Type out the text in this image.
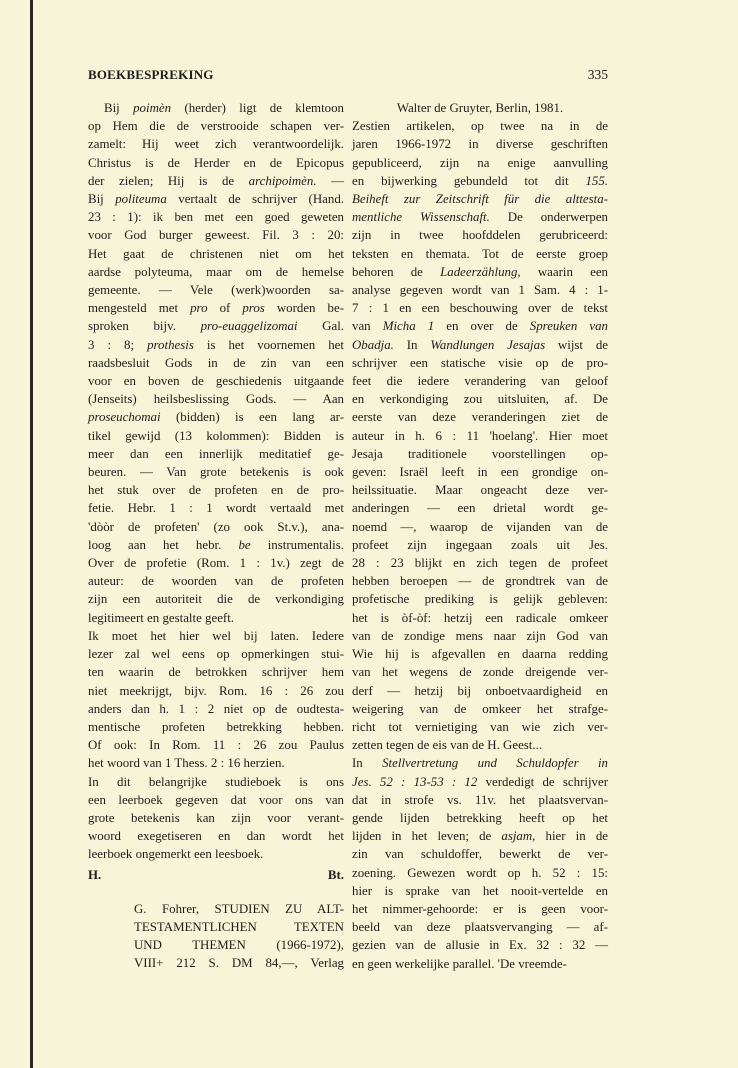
BOEKBESPREKING	335

Bij poimèn (herder) ligt de klemtoon
op Hem die de verstrooide schapen ver-
zamelt: Hij weet zich verantwoordelijk.
Christus is de Herder en de Epicopus
der zielen; Hij is de archipoimèn. —
Bij politeuma vertaalt de schrijver (Hand.
23 : 1): ik ben met een goed geweten
voor God burger geweest. Fil. 3 : 20:
Het gaat de christenen niet om het
aardse polyteuma, maar om de hemelse
gemeente. — Vele (werk)woorden sa-
mengesteld met pro of pros worden be-
sproken bijv. pro-euaggelizomai Gal.
3 : 8; prothesis is het voornemen het
raadsbesluit Gods in de zin van een
voor en boven de geschiedenis uitgaande
(Jenseits) heilsbeslissing Gods. — Aan
proseuchomai (bidden) is een lang ar-
tikel gewijd (13 kolommen): Bidden is
meer dan een innerlijk meditatief ge-
beuren. — Van grote betekenis is ook
het stuk over de profeten en de pro-
fetie. Hebr. 1 : 1 wordt vertaald met
'dòòr de profeten' (zo ook St.v.), ana-
loog aan het hebr. be instrumentalis.
Over de profetie (Rom. 1 : 1v.) zegt de
auteur: de woorden van de profeten
zijn een autoriteit die de verkondiging
legitimeert en gestalte geeft.

Ik moet het hier wel bij laten. Iedere
lezer zal wel eens op opmerkingen stui-
ten waarin de betrokken schrijver hem
niet meekrijgt, bijv. Rom. 16 : 26 zou
anders dan h. 1 : 2 niet op de oudtesta-
mentische profeten betrekking hebben.
Of ook: In Rom. 11 : 26 zou Paulus
het woord van 1 Thess. 2 : 16 herzien.

In dit belangrijke studieboek is ons
een leerboek gegeven dat voor ons van
grote betekenis kan zijn voor verant-
woord exegetiseren en dan wordt het
leerboek ongemerkt een leesboek.

H.	Bt.
G. Fohrer, STUDIEN ZU ALT-
TESTAMENTLICHEN TEXTEN
UND THEMEN (1966-1972),
VIII+ 212 S. DM 84,—, Verlag

Walter de Gruyter, Berlin, 1981.

Zestien artikelen, op twee na in de
jaren 1966-1972 in diverse geschriften
gepubliceerd, zijn na enige aanvulling
en bijwerking gebundeld tot dit 155.
Beiheft zur Zeitschrift für die alttesta-
mentliche Wissenschaft. De onderwerpen
zijn in twee hoofddelen gerubriceerd:
teksten en themata. Tot de eerste groep
behoren de Ladeerzählung, waarin een
analyse gegeven wordt van 1 Sam. 4 : 1-
7 : 1 en een beschouwing over de tekst
van Micha 1 en over de Spreuken van
Obadja. In Wandlungen Jesajas wijst de
schrijver een statische visie op de pro-
feet die iedere verandering van geloof
en verkondiging zou uitsluiten, af. De
eerste van deze veranderingen ziet de
auteur in h. 6 : 11 'hoelang'. Hier moet
Jesaja traditionele voorstellingen op-
geven: Israël leeft in een grondige on-
heilssituatie. Maar ongeacht deze ver-
anderingen — een drietal wordt ge-
noemd —, waarop de vijanden van de
profeet zijn ingegaan zoals uit Jes.
28 : 23 blijkt en zich tegen de profeet
hebben beroepen — de grondtrek van de
profetische prediking is gelijk gebleven:
het is òf-òf: hetzij een radicale omkeer
van de zondige mens naar zijn God van
Wie hij is afgevallen en daarna redding
van het wegens de zonde dreigende ver-
derf — hetzij bij onboetvaardigheid en
weigering van de omkeer het strafge-
richt tot vernietiging van wie zich ver-
zetten tegen de eis van de H. Geest...

In Stellvertretung und Schuldopfer in
Jes. 52 : 13-53 : 12 verdedigt de schrijver
dat in strofe vs. 11v. het plaatsvervan-
gende lijden betrekking heeft op het
lijden in het leven; de asjam, hier in de
zin van schuldoffer, bewerkt de ver-
zoening. Gewezen wordt op h. 52 : 15:
hier is sprake van het nooit-vertelde en
het nimmer-gehoorde: er is geen voor-
beeld van deze plaatsvervanging — af-
gezien van de allusie in Ex. 32 : 32 —
en geen werkelijke parallel. 'De vreemde-
